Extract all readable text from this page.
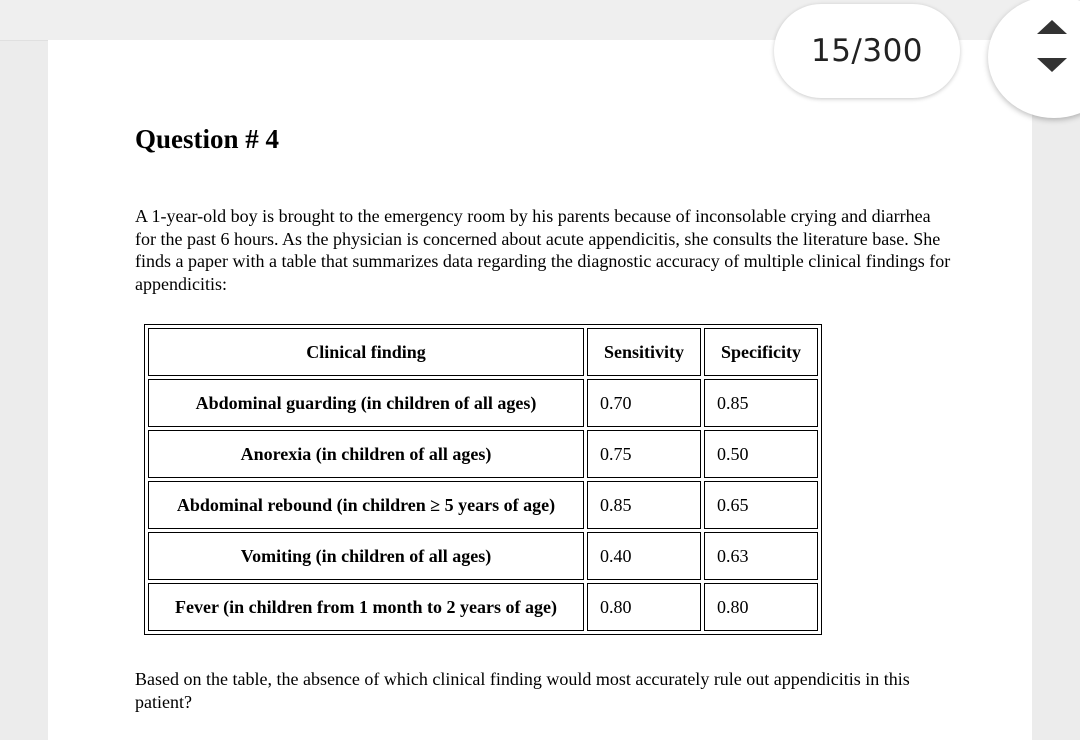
15/300
Question # 4

A 1-year-old boy is brought to the emergency room by his parents because of inconsolable crying and diarrhea for the past 6 hours. As the physician is concerned about acute appendicitis, she consults the literature base. She finds a paper with a table that summarizes data regarding the diagnostic accuracy of multiple clinical findings for appendicitis:

Clinical finding	Sensitivity	Specificity
Abdominal guarding (in children of all ages)	0.70	0.85
Anorexia (in children of all ages)	0.75	0.50
Abdominal rebound (in children ≥ 5 years of age)	0.85	0.65
Vomiting (in children of all ages)	0.40	0.63
Fever (in children from 1 month to 2 years of age)	0.80	0.80

Based on the table, the absence of which clinical finding would most accurately rule out appendicitis in this patient?
